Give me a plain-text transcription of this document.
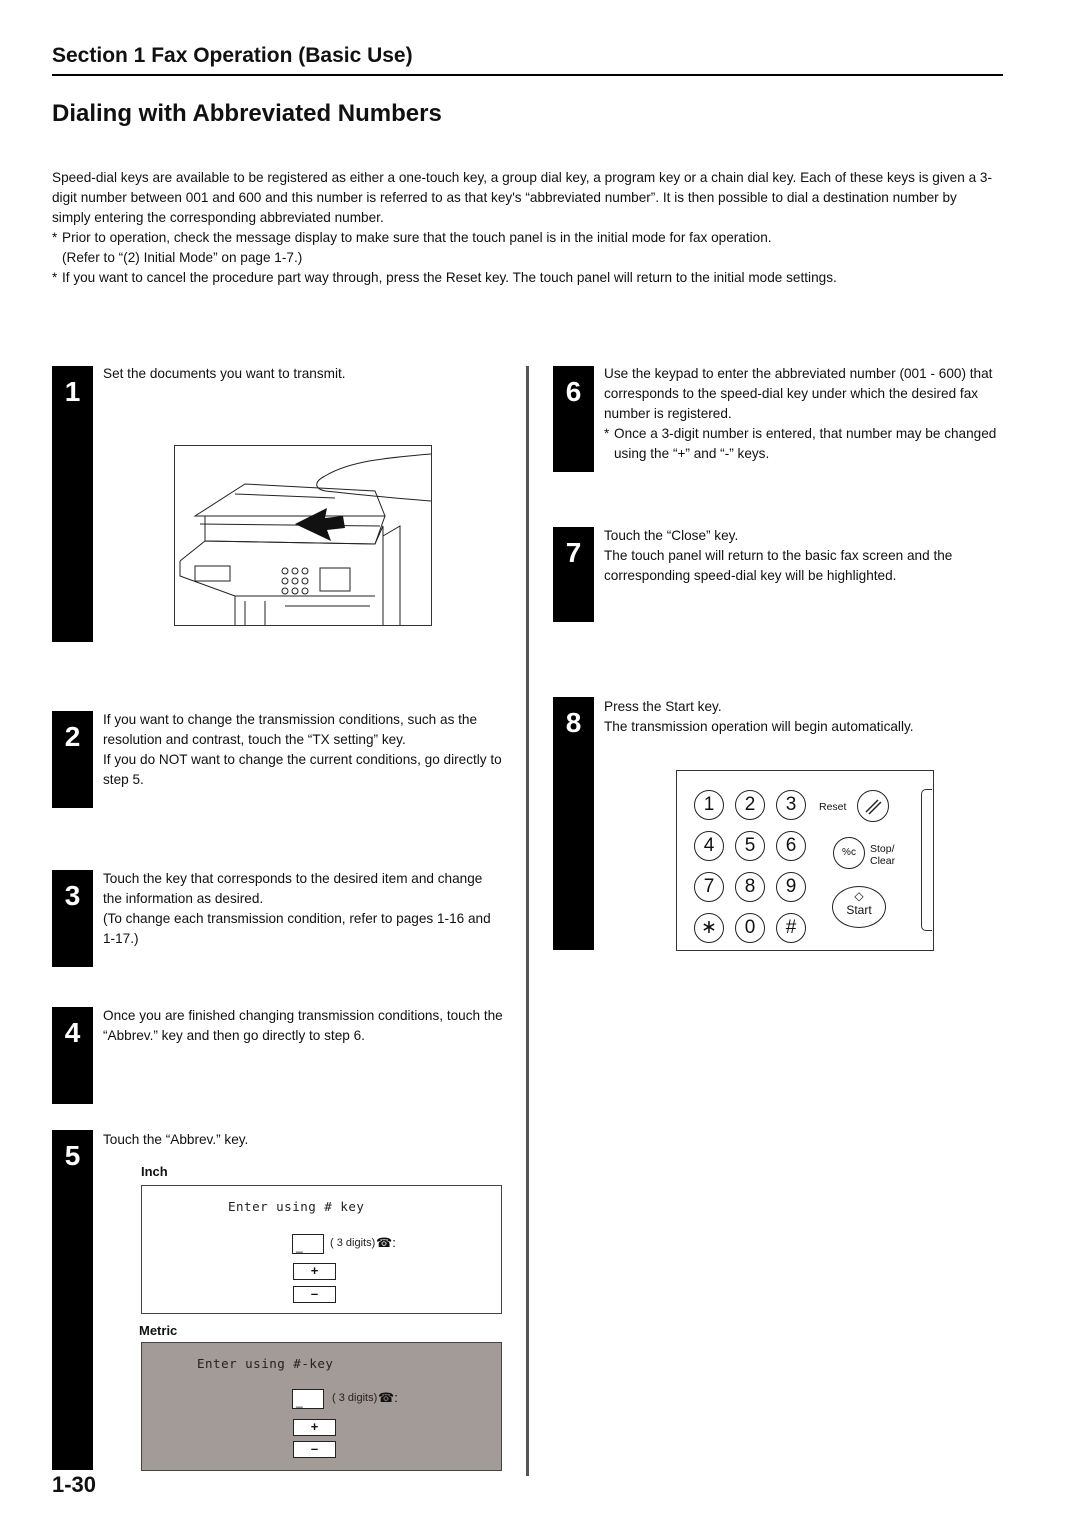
Section 1 Fax Operation (Basic Use)
Dialing with Abbreviated Numbers

Speed-dial keys are available to be registered as either a one-touch key, a group dial key, a program key or a chain dial key. Each of these keys is given a 3-digit number between 001 and 600 and this number is referred to as that key's “abbreviated number”. It is then possible to dial a destination number by simply entering the corresponding abbreviated number.

* Prior to operation, check the message display to make sure that the touch panel is in the initial mode for fax operation.
(Refer to “(2) Initial Mode” on page 1-7.)
* If you want to cancel the procedure part way through, press the Reset key. The touch panel will return to the initial mode settings.
1
Set the documents you want to transmit.
2

If you want to change the transmission conditions, such as the resolution and contrast, touch the “TX setting” key.

If you do NOT want to change the current conditions, go directly to step 5.

3

Touch the key that corresponds to the desired item and change the information as desired.

(To change each transmission condition, refer to pages 1-16 and 1-17.)

4
Once you are finished changing transmission conditions, touch the “Abbrev.” key and then go directly to step 6.
5
Touch the “Abbrev.” key.
Inch
Enter using # key
_ ( 3 digits) ☎:
+
–
Metric
Enter using #-key
_	( 3 digits) ☎:
+
–
1-30
6

Use the keypad to enter the abbreviated number (001 - 600) that corresponds to the speed-dial key under which the desired fax number is registered.

* Once a 3-digit number is entered, that number may be changed using the “+” and “-” keys.
7

Touch the “Close” key.

The touch panel will return to the basic fax screen and the corresponding speed-dial key will be highlighted.

8

Press the Start key.

The transmission operation will begin automatically.

1	2	3
4	5	6
7	8	9
∗	0	#
Reset
%c	Stop/
Clear
◇
Start
